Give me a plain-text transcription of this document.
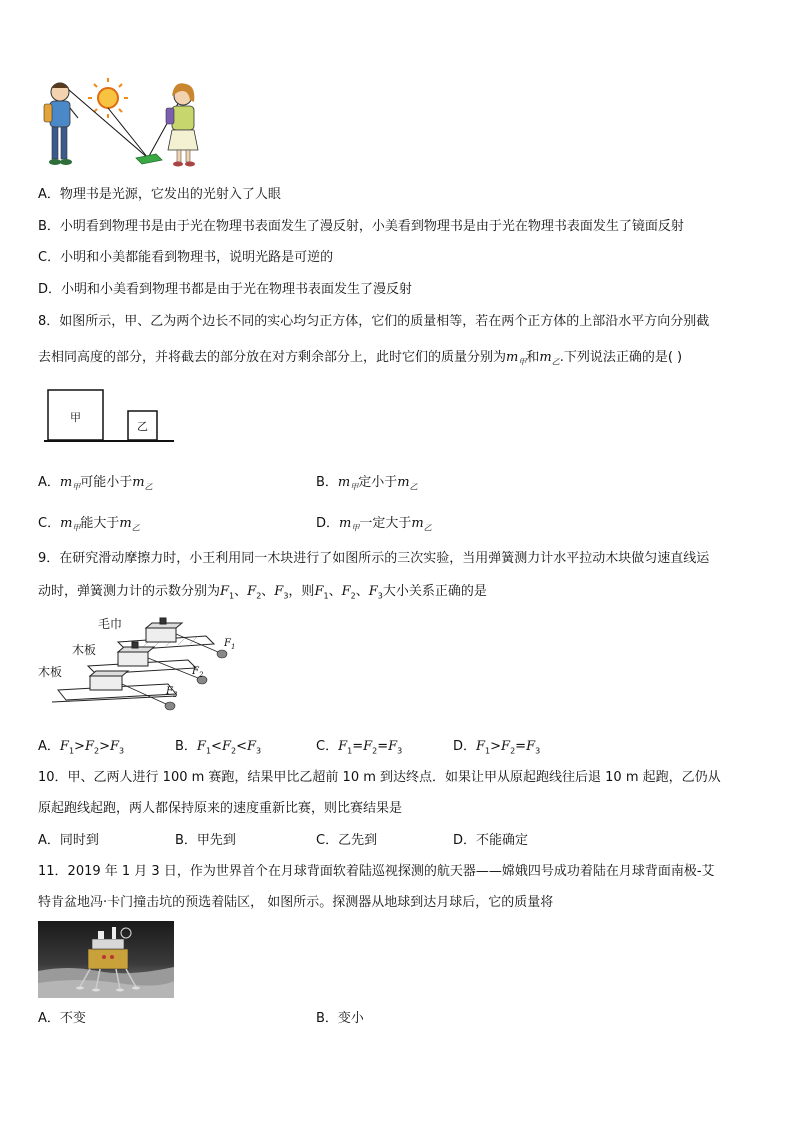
A．物理书是光源，它发出的光射入了人眼
B．小明看到物理书是由于光在物理书表面发生了漫反射，小美看到物理书是由于光在物理书表面发生了镜面反射
C．小明和小美都能看到物理书，说明光路是可逆的
D．小明和小美看到物理书都是由于光在物理书表面发生了漫反射
8．如图所示，甲、乙为两个边长不同的实心均匀正方体，它们的质量相等，若在两个正方体的上部沿水平方向分别截
去相同高度的部分，并将截去的部分放在对方剩余部分上，此时它们的质量分别为$m_甲$和$m_乙$.下列说法正确的是( )
甲
乙
A．$m_甲$可能小于$m_乙$	B．$m_甲$定小于$m_乙$
C．$m_甲$能大于$m_乙$	D．$m_甲$一定大于$m_乙$
9．在研究滑动摩擦力时，小王利用同一木块进行了如图所示的三次实验，当用弹簧测力计水平拉动木块做匀速直线运
动时，弹簧测力计的示数分别为$F_1$、$F_2$、$F_3$，则$F_1$、$F_2$、$F_3$大小关系正确的是
毛巾
木板
木板
$F_1$
$F_2$
$F_3$
A．$F_1>F_2>F_3$	B．$F_1<F_2<F_3$	C．$F_1=F_2=F_3$	D．$F_1>F_2=F_3$
10．甲、乙两人进行 100 m 赛跑，结果甲比乙超前 10 m 到达终点．如果让甲从原起跑线往后退 10 m 起跑，乙仍从
原起跑线起跑，两人都保持原来的速度重新比赛，则比赛结果是
A．同时到	B．甲先到	C．乙先到	D．不能确定
11．2019 年 1 月 3 日，作为世界首个在月球背面软着陆巡视探测的航天器——嫦娥四号成功着陆在月球背面南极-艾
特肯盆地冯·卡门撞击坑的预选着陆区， 如图所示。探测器从地球到达月球后，它的质量将
A．不变	B．变小
